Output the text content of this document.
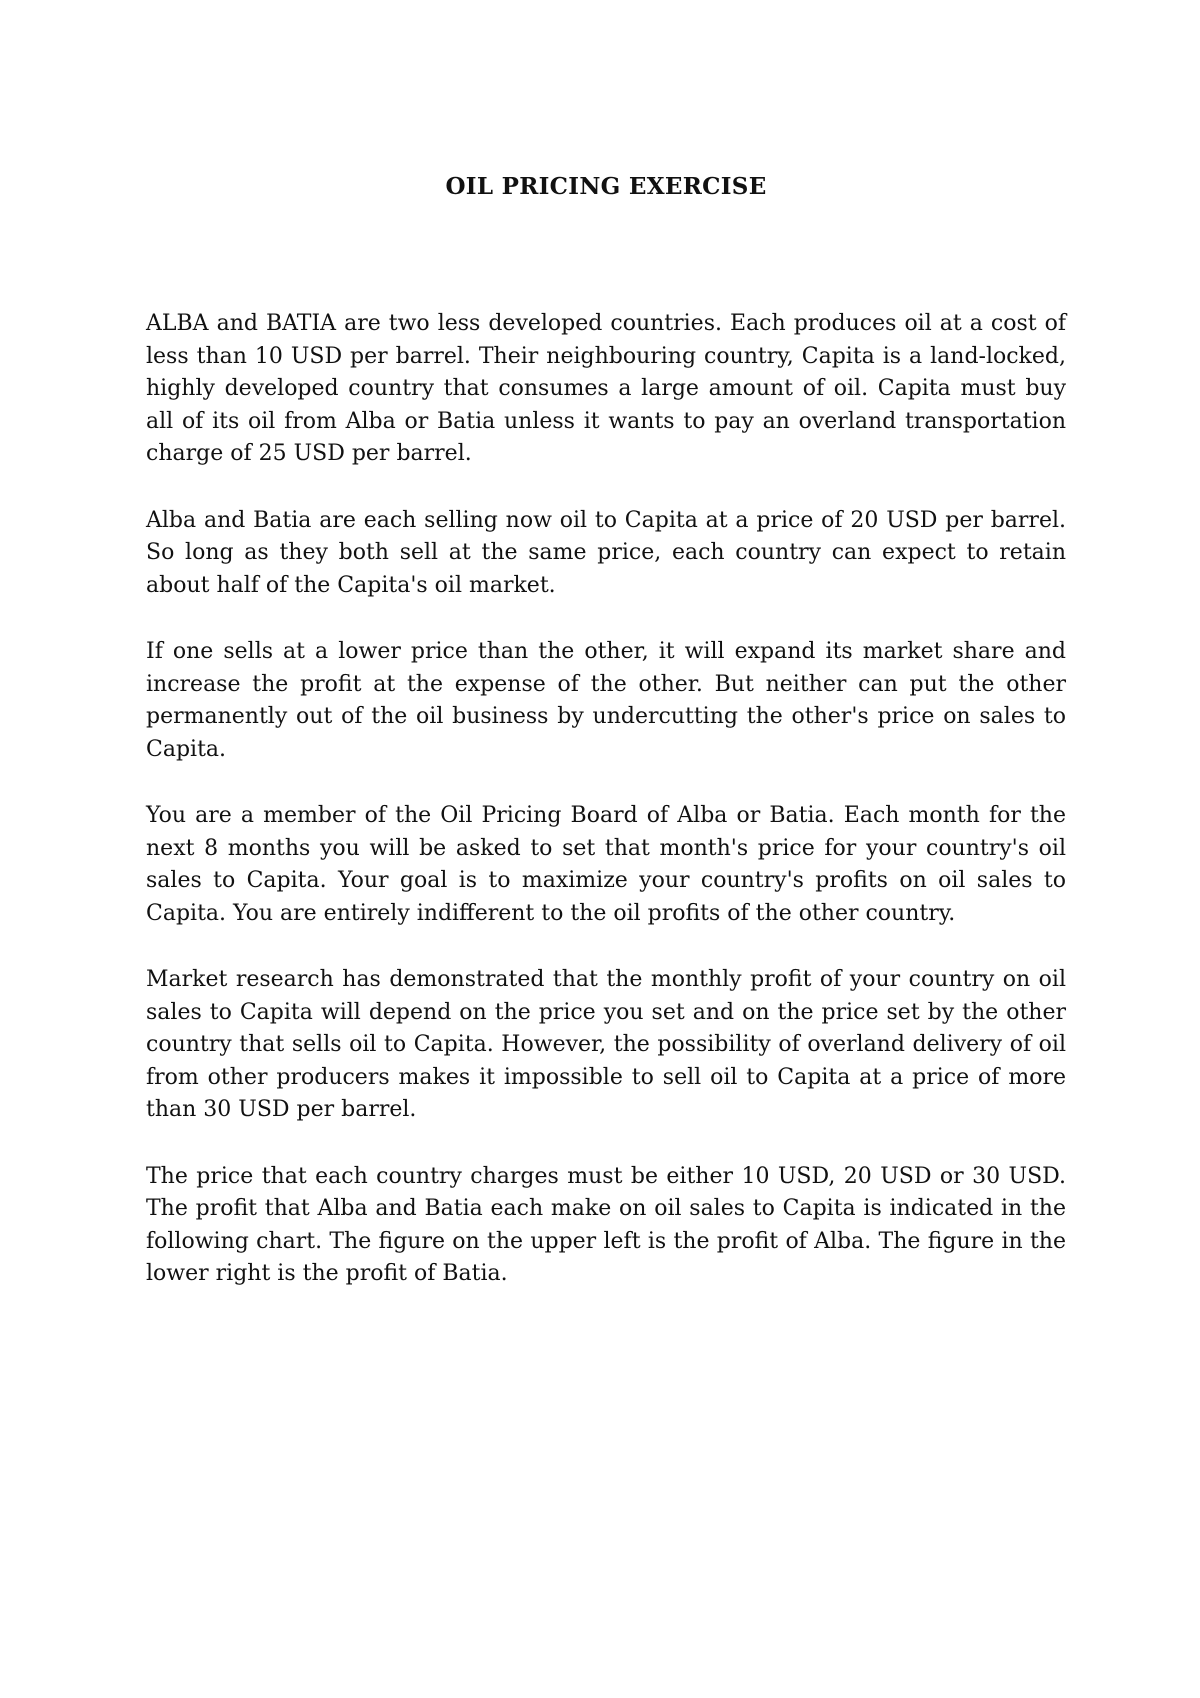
OIL PRICING EXERCISE

ALBA and BATIA are two less developed countries. Each produces oil at a cost of less than 10 USD per barrel. Their neighbouring country, Capita is a land-locked, highly developed country that consumes a large amount of oil. Capita must buy all of its oil from Alba or Batia unless it wants to pay an overland transportation charge of 25 USD per barrel.

Alba and Batia are each selling now oil to Capita at a price of 20 USD per barrel. So long as they both sell at the same price, each country can expect to retain about half of the Capita's oil market.

If one sells at a lower price than the other, it will expand its market share and increase the profit at the expense of the other. But neither can put the other permanently out of the oil business by undercutting the other's price on sales to Capita.

You are a member of the Oil Pricing Board of Alba or Batia. Each month for the next 8 months you will be asked to set that month's price for your country's oil sales to Capita. Your goal is to maximize your country's profits on oil sales to Capita. You are entirely indifferent to the oil profits of the other country.

Market research has demonstrated that the monthly profit of your country on oil sales to Capita will depend on the price you set and on the price set by the other country that sells oil to Capita. However, the possibility of overland delivery of oil from other producers makes it impossible to sell oil to Capita at a price of more than 30 USD per barrel.

The price that each country charges must be either 10 USD, 20 USD or 30 USD. The profit that Alba and Batia each make on oil sales to Capita is indicated in the following chart. The figure on the upper left is the profit of Alba. The figure in the lower right is the profit of Batia.
